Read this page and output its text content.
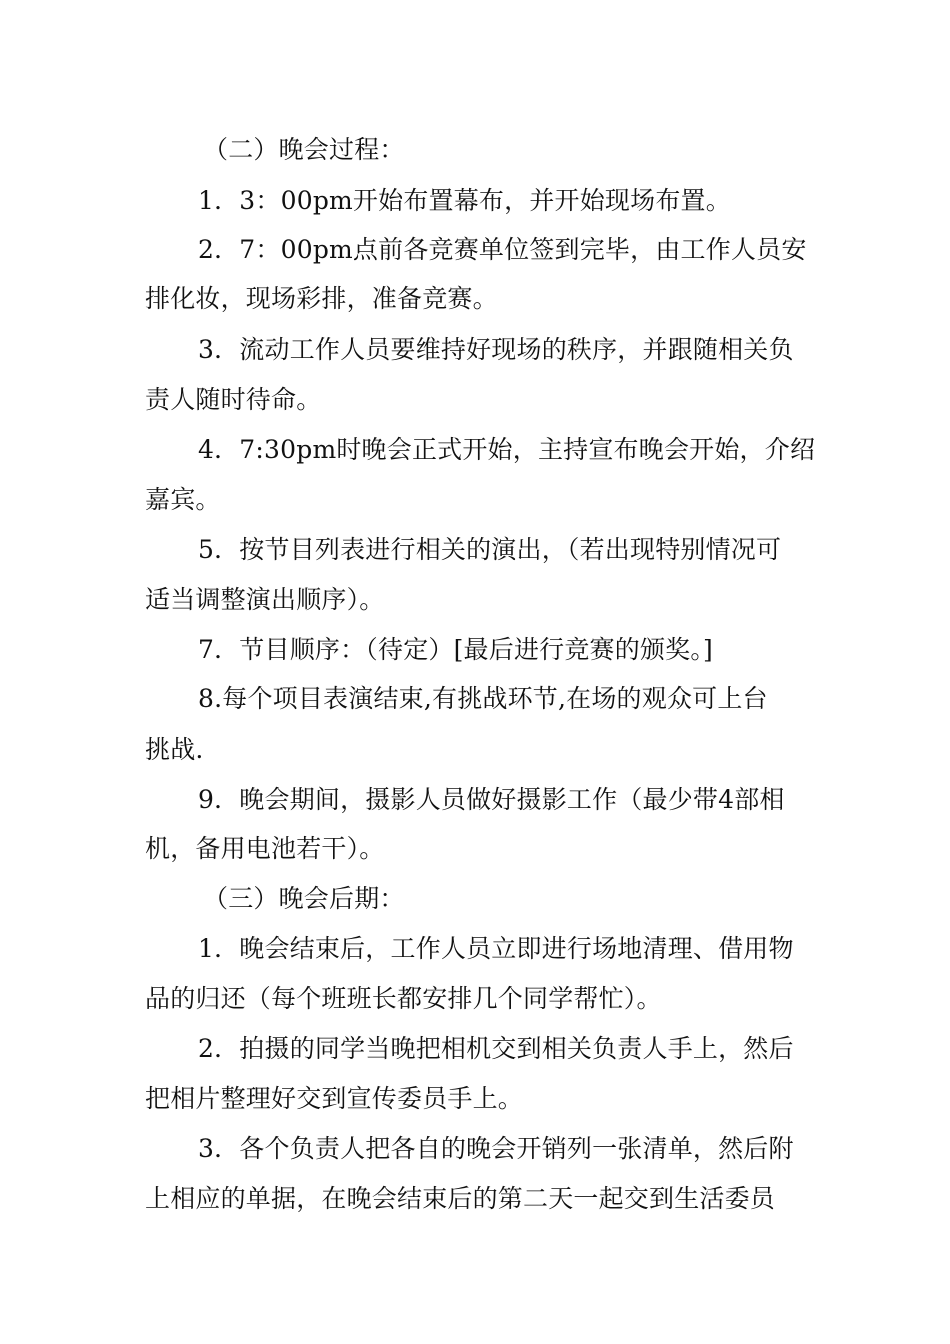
（二）晚会过程：
1．3：00pm开始布置幕布，并开始现场布置。
2．7：00pm点前各竞赛单位签到完毕，由工作人员安
排化妆，现场彩排，准备竞赛。
3．流动工作人员要维持好现场的秩序，并跟随相关负
责人随时待命。
4．7:30pm时晚会正式开始，主持宣布晚会开始，介绍
嘉宾。
5．按节目列表进行相关的演出，（若出现特别情况可
适当调整演出顺序）。
7．节目顺序：（待定）[最后进行竞赛的颁奖。]
8.每个项目表演结束,有挑战环节,在场的观众可上台
挑战.
9．晚会期间，摄影人员做好摄影工作（最少带4部相
机，备用电池若干）。
（三）晚会后期：
1．晚会结束后，工作人员立即进行场地清理、借用物
品的归还（每个班班长都安排几个同学帮忙）。
2．拍摄的同学当晚把相机交到相关负责人手上，然后
把相片整理好交到宣传委员手上。
3．各个负责人把各自的晚会开销列一张清单，然后附
上相应的单据，在晚会结束后的第二天一起交到生活委员
